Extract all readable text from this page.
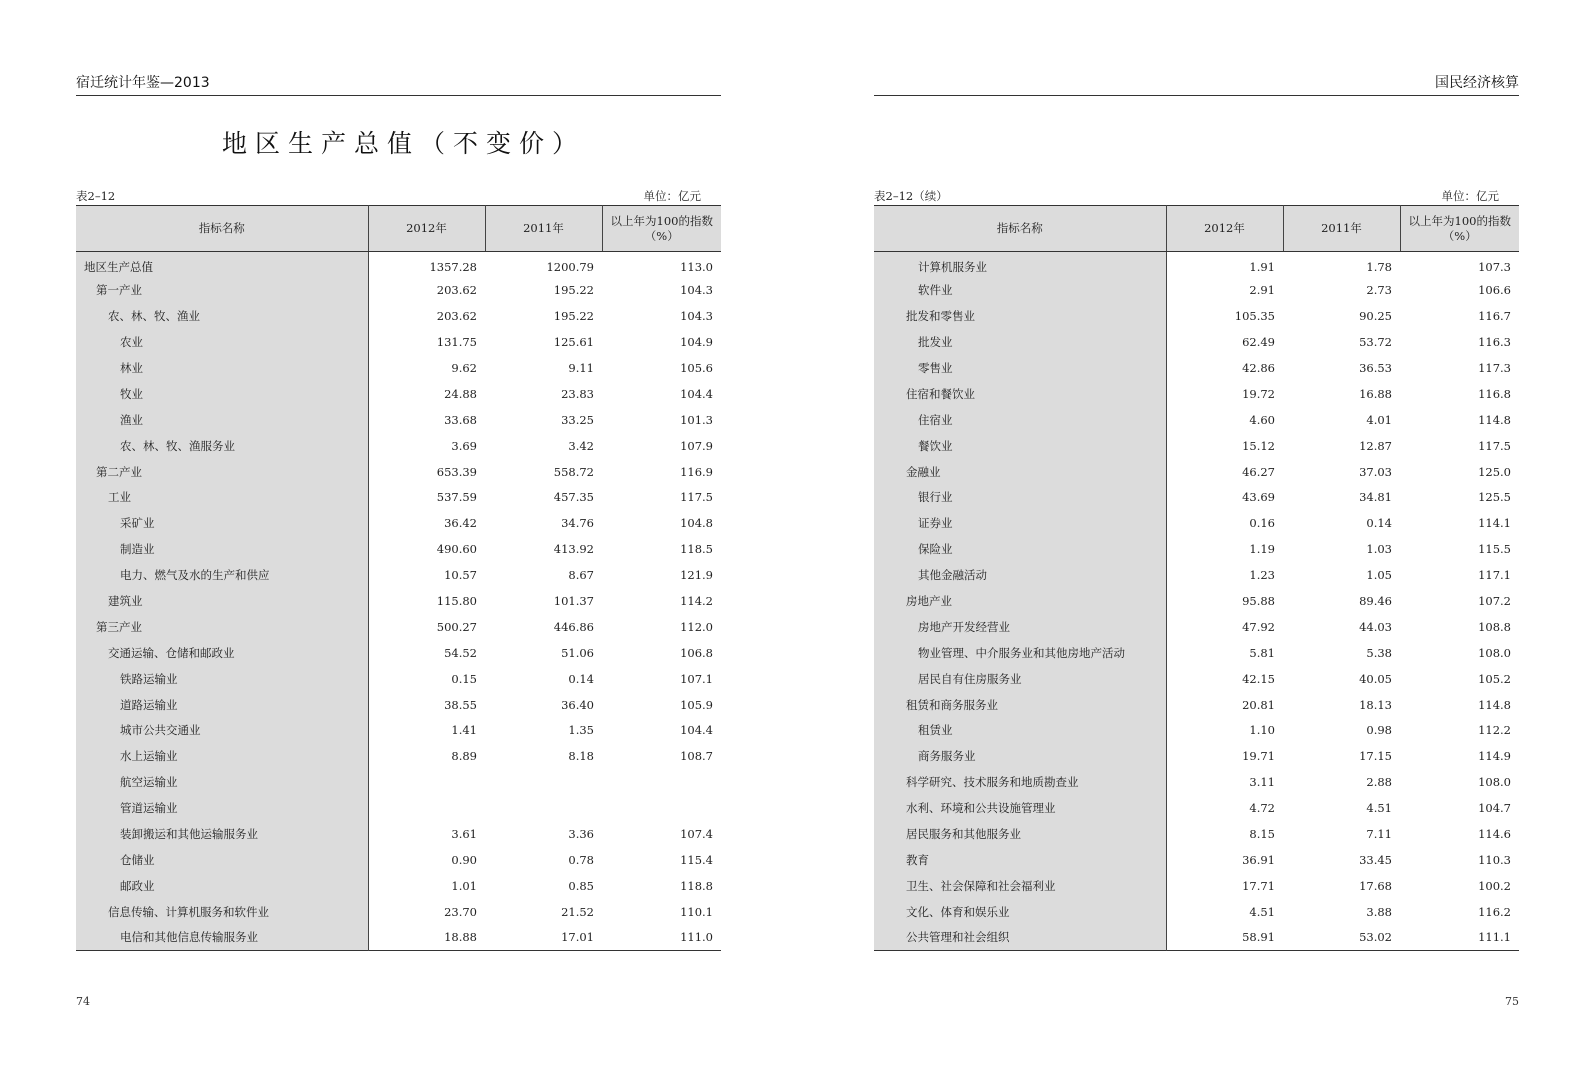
宿迁统计年鉴—2013
地区生产总值（不变价）
表2–12	单位：亿元
指标名称	2012年	2011年	以上年为100的指数（%）
地区生产总值	1357.28	1200.79	113.0
第一产业	203.62	195.22	104.3
农、林、牧、渔业	203.62	195.22	104.3
农业	131.75	125.61	104.9
林业	9.62	9.11	105.6
牧业	24.88	23.83	104.4
渔业	33.68	33.25	101.3
农、林、牧、渔服务业	3.69	3.42	107.9
第二产业	653.39	558.72	116.9
工业	537.59	457.35	117.5
采矿业	36.42	34.76	104.8
制造业	490.60	413.92	118.5
电力、燃气及水的生产和供应	10.57	8.67	121.9
建筑业	115.80	101.37	114.2
第三产业	500.27	446.86	112.0
交通运输、仓储和邮政业	54.52	51.06	106.8
铁路运输业	0.15	0.14	107.1
道路运输业	38.55	36.40	105.9
城市公共交通业	1.41	1.35	104.4
水上运输业	8.89	8.18	108.7
航空运输业			
管道运输业			
装卸搬运和其他运输服务业	3.61	3.36	107.4
仓储业	0.90	0.78	115.4
邮政业	1.01	0.85	118.8
信息传输、计算机服务和软件业	23.70	21.52	110.1
电信和其他信息传输服务业	18.88	17.01	111.0
74
国民经济核算
表2–12（续）	单位：亿元
指标名称	2012年	2011年	以上年为100的指数（%）
计算机服务业	1.91	1.78	107.3
软件业	2.91	2.73	106.6
批发和零售业	105.35	90.25	116.7
批发业	62.49	53.72	116.3
零售业	42.86	36.53	117.3
住宿和餐饮业	19.72	16.88	116.8
住宿业	4.60	4.01	114.8
餐饮业	15.12	12.87	117.5
金融业	46.27	37.03	125.0
银行业	43.69	34.81	125.5
证券业	0.16	0.14	114.1
保险业	1.19	1.03	115.5
其他金融活动	1.23	1.05	117.1
房地产业	95.88	89.46	107.2
房地产开发经营业	47.92	44.03	108.8
物业管理、中介服务业和其他房地产活动	5.81	5.38	108.0
居民自有住房服务业	42.15	40.05	105.2
租赁和商务服务业	20.81	18.13	114.8
租赁业	1.10	0.98	112.2
商务服务业	19.71	17.15	114.9
科学研究、技术服务和地质勘查业	3.11	2.88	108.0
水利、环境和公共设施管理业	4.72	4.51	104.7
居民服务和其他服务业	8.15	7.11	114.6
教育	36.91	33.45	110.3
卫生、社会保障和社会福利业	17.71	17.68	100.2
文化、体育和娱乐业	4.51	3.88	116.2
公共管理和社会组织	58.91	53.02	111.1
75
